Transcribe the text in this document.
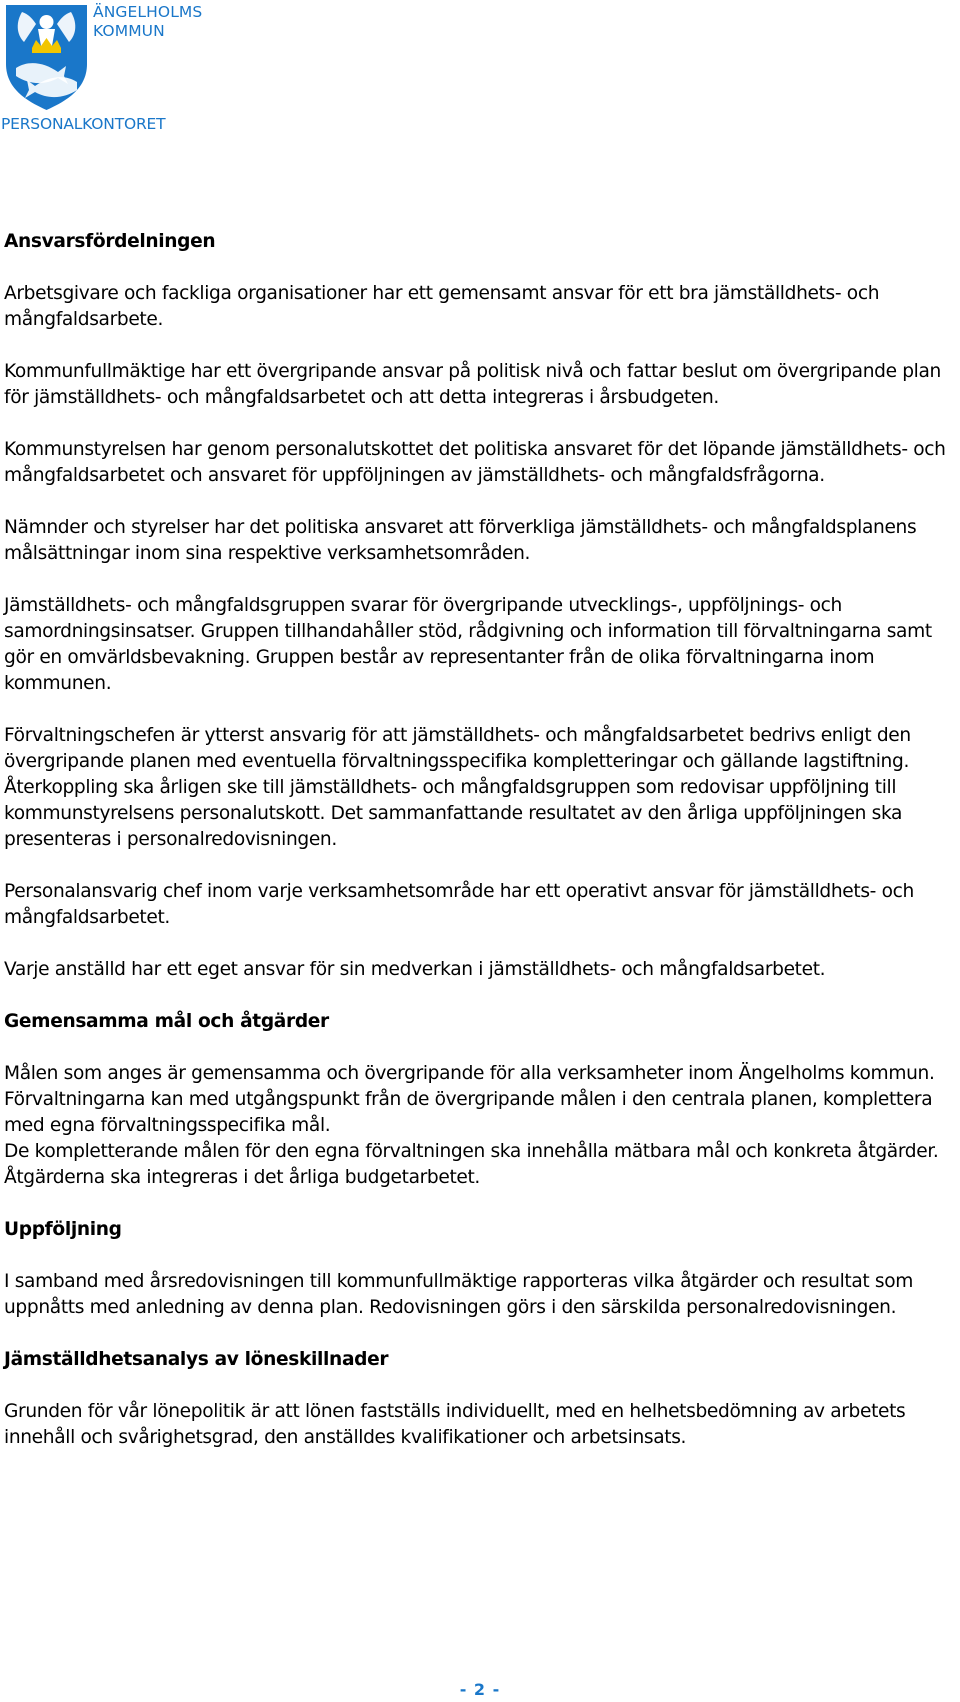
ÄNGELHOLMS
KOMMUN
PERSONALKONTORET

Ansvarsfördelningen

Arbetsgivare och fackliga organisationer har ett gemensamt ansvar för ett bra jämställdhets- och mångfaldsarbete.

Kommunfullmäktige har ett övergripande ansvar på politisk nivå och fattar beslut om övergripande plan för jämställdhets- och mångfaldsarbetet och att detta integreras i årsbudgeten.

Kommunstyrelsen har genom personalutskottet det politiska ansvaret för det löpande jämställdhets- och mångfaldsarbetet och ansvaret för uppföljningen av jämställdhets- och mångfaldsfrågorna.

Nämnder och styrelser har det politiska ansvaret att förverkliga jämställdhets- och mångfaldsplanens målsättningar inom sina respektive verksamhetsområden.

Jämställdhets- och mångfaldsgruppen svarar för övergripande utvecklings-, uppföljnings- och samordningsinsatser. Gruppen tillhandahåller stöd, rådgivning och information till förvaltningarna samt gör en omvärldsbevakning. Gruppen består av representanter från de olika förvaltningarna inom kommunen.

Förvaltningschefen är ytterst ansvarig för att jämställdhets- och mångfaldsarbetet bedrivs enligt den övergripande planen med eventuella förvaltningsspecifika kompletteringar och gällande lagstiftning. Återkoppling ska årligen ske till jämställdhets- och mångfaldsgruppen som redovisar uppföljning till kommunstyrelsens personalutskott. Det sammanfattande resultatet av den årliga uppföljningen ska presenteras i personalredovisningen.

Personalansvarig chef inom varje verksamhetsområde har ett operativt ansvar för jämställdhets- och mångfaldsarbetet.

Varje anställd har ett eget ansvar för sin medverkan i jämställdhets- och mångfaldsarbetet.

Gemensamma mål och åtgärder

Målen som anges är gemensamma och övergripande för alla verksamheter inom Ängelholms kommun. Förvaltningarna kan med utgångspunkt från de övergripande målen i den centrala planen, komplettera med egna förvaltningsspecifika mål.

De kompletterande målen för den egna förvaltningen ska innehålla mätbara mål och konkreta åtgärder. Åtgärderna ska integreras i det årliga budgetarbetet.

Uppföljning

I samband med årsredovisningen till kommunfullmäktige rapporteras vilka åtgärder och resultat som uppnåtts med anledning av denna plan. Redovisningen görs i den särskilda personalredovisningen.

Jämställdhetsanalys av löneskillnader

Grunden för vår lönepolitik är att lönen fastställs individuellt, med en helhetsbedömning av arbetets innehåll och svårighetsgrad, den anställdes kvalifikationer och arbetsinsats.

- 2 -
